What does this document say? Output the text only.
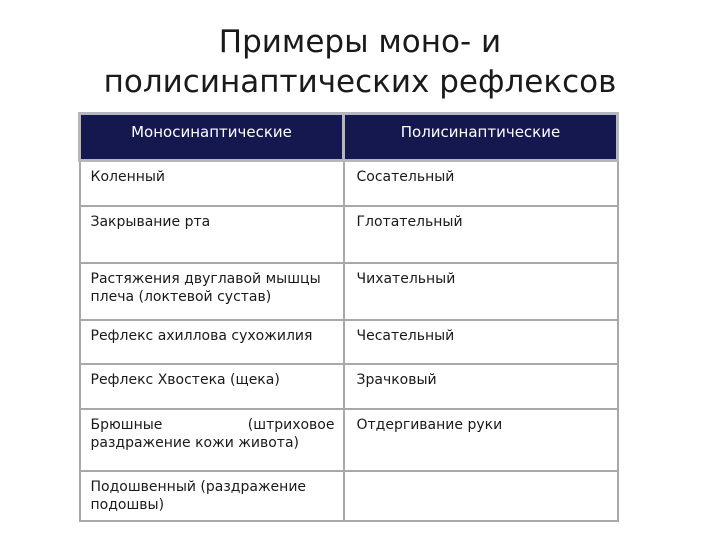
Примеры моно- и
полисинаптических рефлексов
Моносинаптические	Полисинаптические

Коленный	Сосательный

Закрывание рта	Глотательный

Растяжения двуглавой мышцы плеча (локтевой сустав)	Чихательный

Рефлекс ахиллова сухожилия	Чесательный

Рефлекс Хвостека (щека)	Зрачковый

Брюшные (штриховое раздражение кожи живота)	Отдергивание руки

Подошвенный (раздражение подошвы)	
